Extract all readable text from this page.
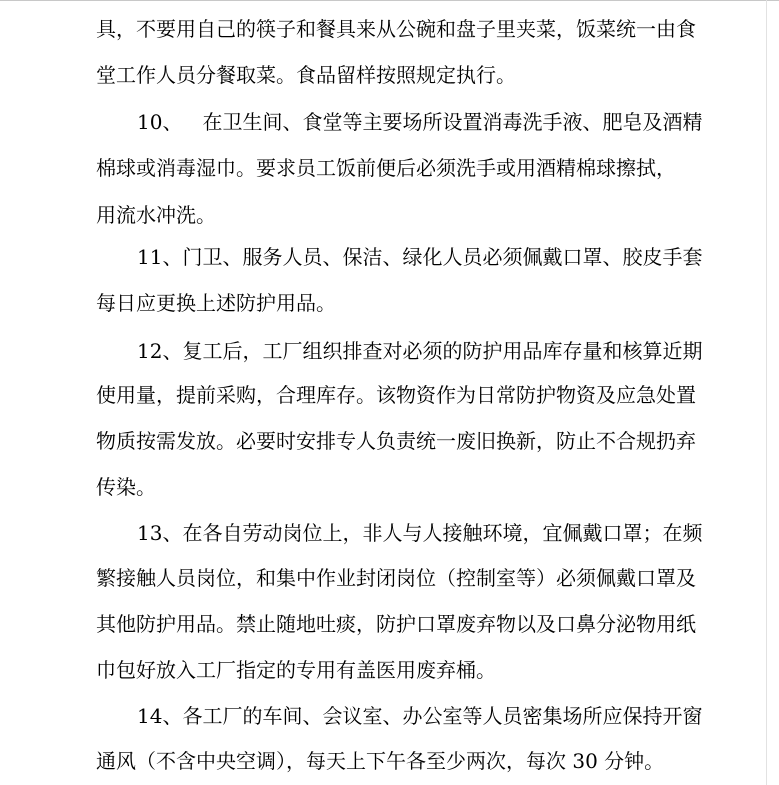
具，不要用自己的筷子和餐具来从公碗和盘子里夹菜，饭菜统一由食
堂工作人员分餐取菜。食品留样按照规定执行。
10、 在卫生间、食堂等主要场所设置消毒洗手液、肥皂及酒精
棉球或消毒湿巾。要求员工饭前便后必须洗手或用酒精棉球擦拭，
用流水冲洗。
11、门卫、服务人员、保洁、绿化人员必须佩戴口罩、胶皮手套
每日应更换上述防护用品。
12、复工后，工厂组织排查对必须的防护用品库存量和核算近期
使用量，提前采购，合理库存。该物资作为日常防护物资及应急处置
物质按需发放。必要时安排专人负责统一废旧换新，防止不合规扔弃
传染。
13、在各自劳动岗位上，非人与人接触环境，宜佩戴口罩；在频
繁接触人员岗位，和集中作业封闭岗位（控制室等）必须佩戴口罩及
其他防护用品。禁止随地吐痰，防护口罩废弃物以及口鼻分泌物用纸
巾包好放入工厂指定的专用有盖医用废弃桶。
14、各工厂的车间、会议室、办公室等人员密集场所应保持开窗
通风（不含中央空调），每天上下午各至少两次，每次 30 分钟。
